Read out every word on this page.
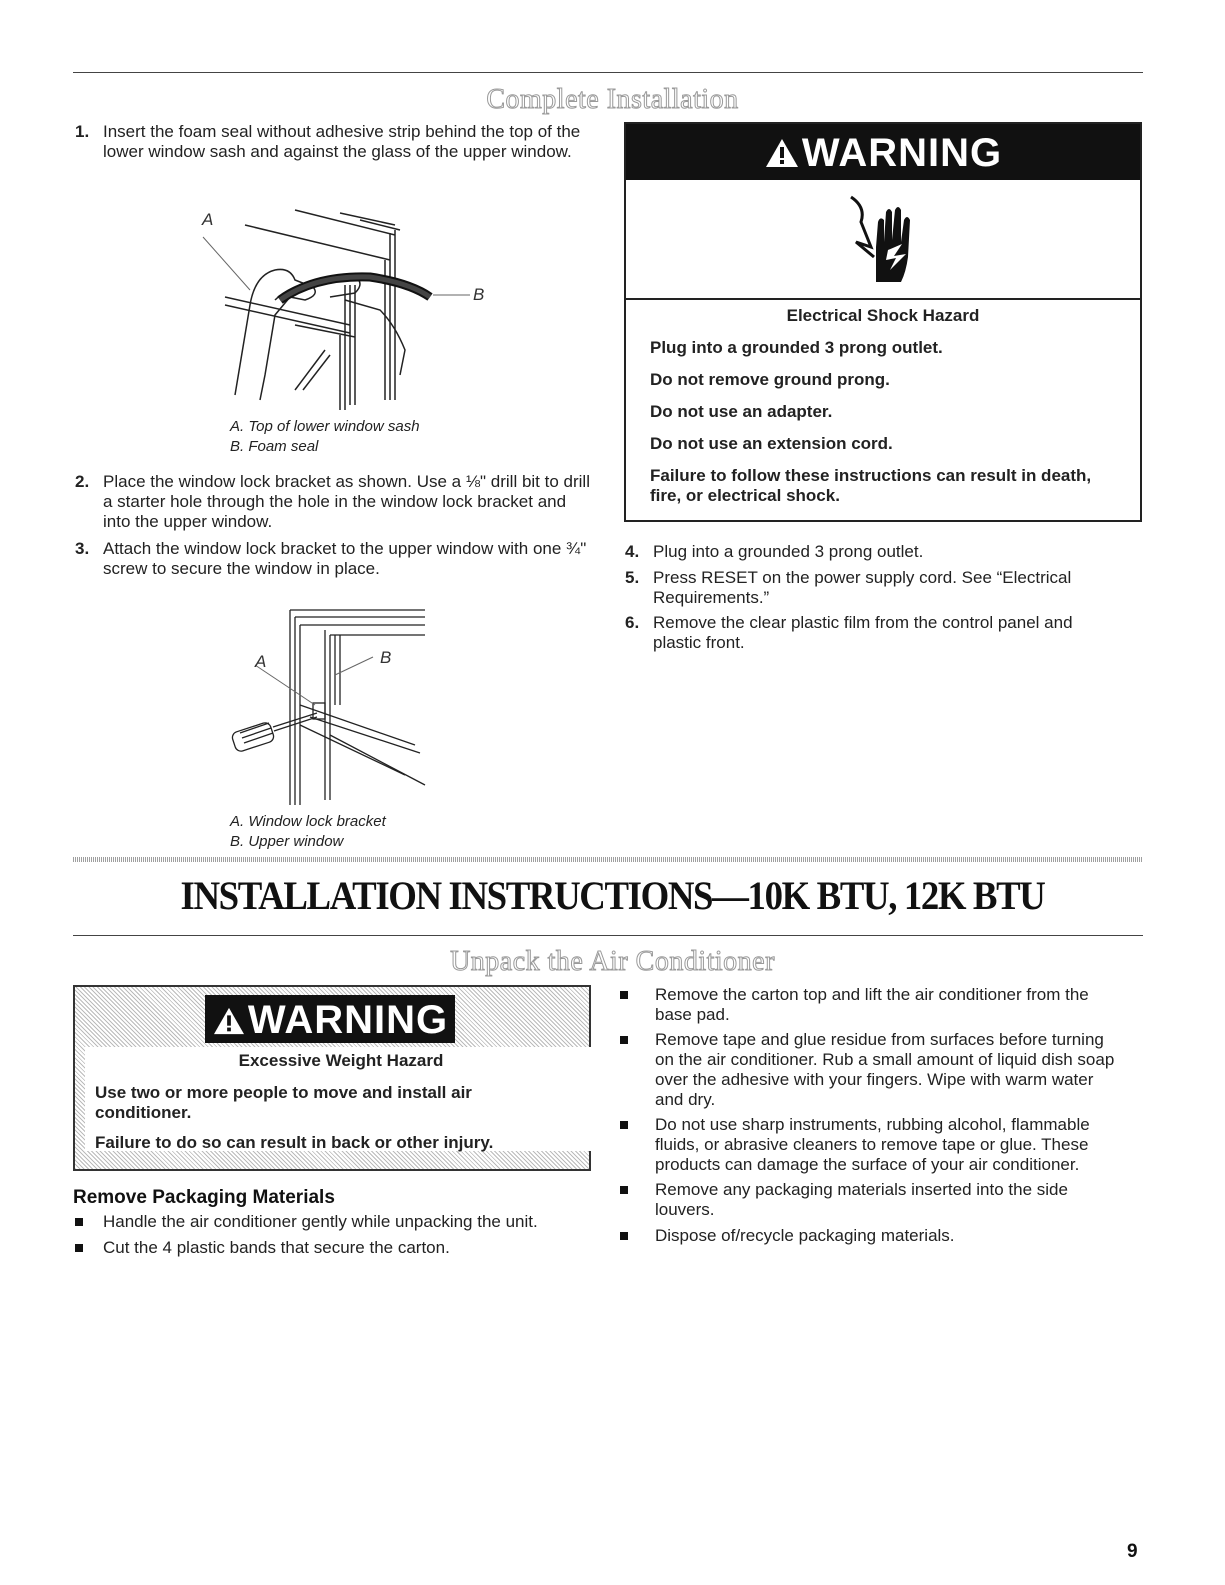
Complete Installation
1. Insert the foam seal without adhesive strip behind the top of the lower window sash and against the glass of the upper window.
A
B
A. Top of lower window sash
B. Foam seal
2. Place the window lock bracket as shown. Use a ⅛" drill bit to drill a starter hole through the hole in the window lock bracket and into the upper window.
3. Attach the window lock bracket to the upper window with one ¾" screw to secure the window in place.
A	B
A. Window lock bracket
B. Upper window
WARNING
Electrical Shock Hazard
Plug into a grounded 3 prong outlet.
Do not remove ground prong.
Do not use an adapter.
Do not use an extension cord.
Failure to follow these instructions can result in death, fire, or electrical shock.
4. Plug into a grounded 3 prong outlet.
5. Press RESET on the power supply cord. See “Electrical Requirements.”
6. Remove the clear plastic film from the control panel and plastic front.
INSTALLATION INSTRUCTIONS—10K BTU, 12K BTU
Unpack the Air Conditioner
WARNING
Excessive Weight Hazard
Use two or more people to move and install air conditioner.
Failure to do so can result in back or other injury.
Remove Packaging Materials
Handle the air conditioner gently while unpacking the unit.
Cut the 4 plastic bands that secure the carton.
Remove the carton top and lift the air conditioner from the base pad.
Remove tape and glue residue from surfaces before turning on the air conditioner. Rub a small amount of liquid dish soap over the adhesive with your fingers. Wipe with warm water and dry.
Do not use sharp instruments, rubbing alcohol, flammable fluids, or abrasive cleaners to remove tape or glue. These products can damage the surface of your air conditioner.
Remove any packaging materials inserted into the side louvers.
Dispose of/recycle packaging materials.
9
